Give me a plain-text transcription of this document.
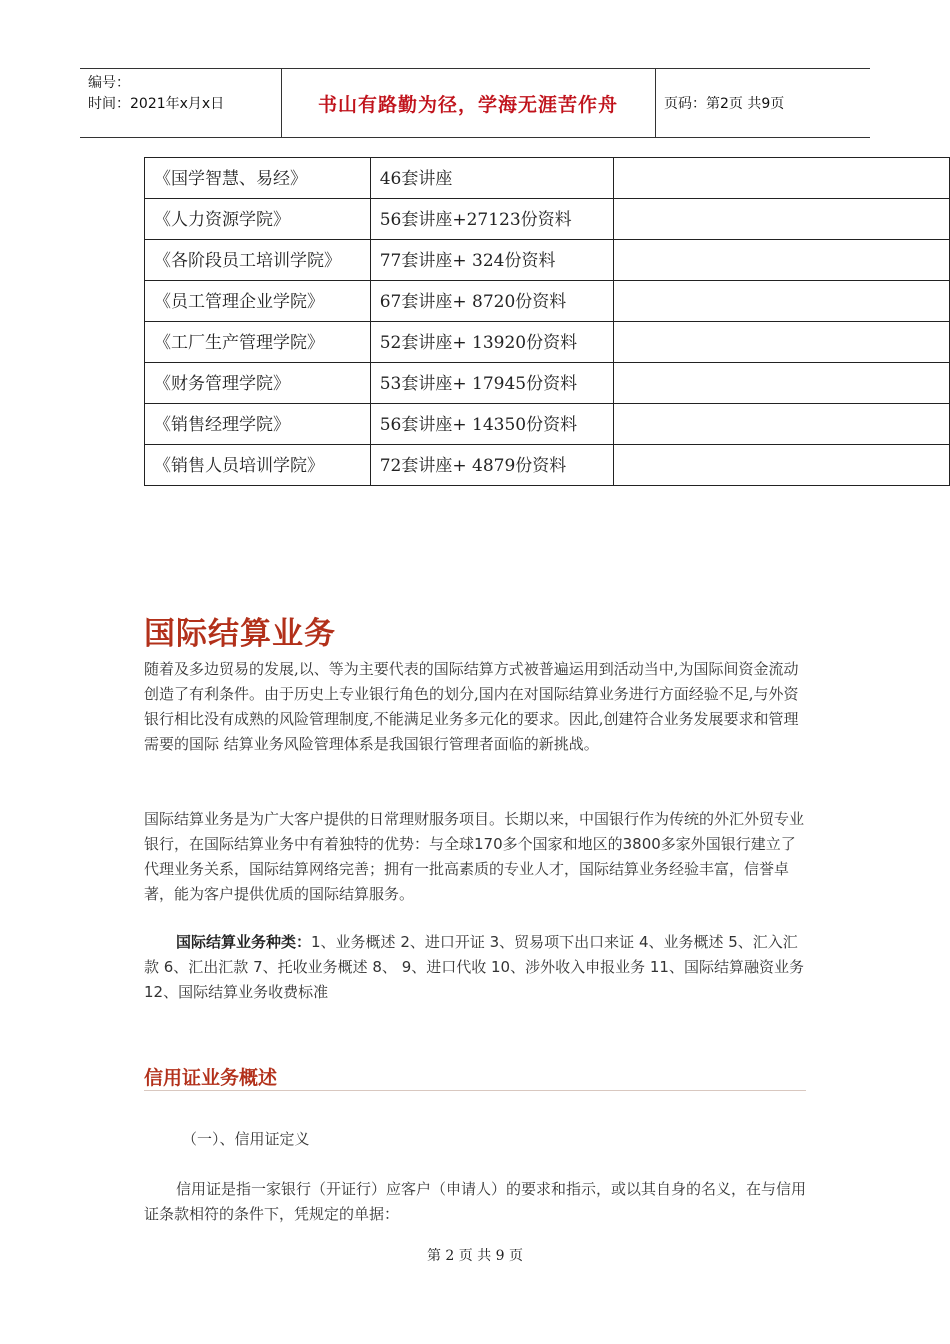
编号：
时间：2021年x月x日	书山有路勤为径，学海无涯苦作舟	页码：第2页 共9页
《国学智慧、易经》	46套讲座	
《人力资源学院》	56套讲座+27123份资料	
《各阶段员工培训学院》	77套讲座+ 324份资料	
《员工管理企业学院》	67套讲座+ 8720份资料	
《工厂生产管理学院》	52套讲座+ 13920份资料	
《财务管理学院》	53套讲座+ 17945份资料	
《销售经理学院》	56套讲座+ 14350份资料	
《销售人员培训学院》	72套讲座+ 4879份资料	
国际结算业务
随着及多边贸易的发展,以、等为主要代表的国际结算方式被普遍运用到活动当中,为国际间资金流动创造了有利条件。由于历史上专业银行角色的划分,国内在对国际结算业务进行方面经验不足,与外资银行相比没有成熟的风险管理制度,不能满足业务多元化的要求。因此,创建符合业务发展要求和管理需要的国际 结算业务风险管理体系是我国银行管理者面临的新挑战。
国际结算业务是为广大客户提供的日常理财服务项目。长期以来，中国银行作为传统的外汇外贸专业银行，在国际结算业务中有着独特的优势：与全球170多个国家和地区的3800多家外国银行建立了代理业务关系，国际结算网络完善；拥有一批高素质的专业人才，国际结算业务经验丰富，信誉卓著，能为客户提供优质的国际结算服务。
国际结算业务种类：1、业务概述 2、进口开证 3、贸易项下出口来证 4、业务概述 5、汇入汇款 6、汇出汇款 7、托收业务概述 8、 9、进口代收 10、涉外收入申报业务 11、国际结算融资业务 12、国际结算业务收费标准
信用证业务概述
（一）、信用证定义
信用证是指一家银行（开证行）应客户（申请人）的要求和指示，或以其自身的名义，在与信用证条款相符的条件下，凭规定的单据：
第 2 页 共 9 页
